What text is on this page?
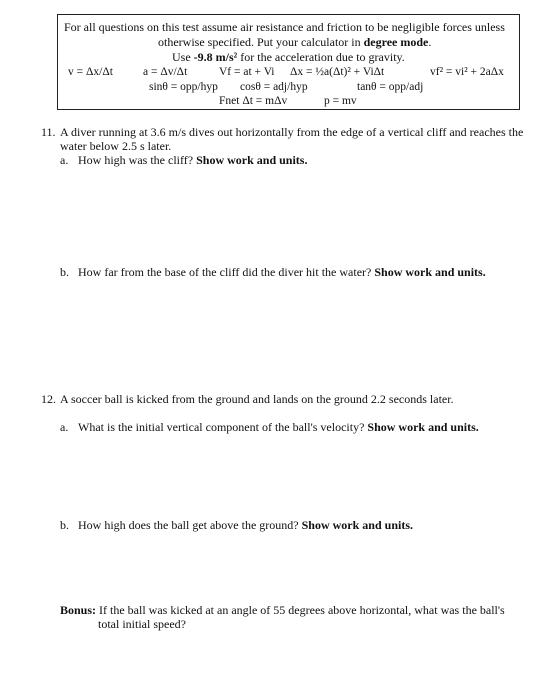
For all questions on this test assume air resistance and friction to be negligible forces unless
otherwise specified. Put your calculator in degree mode.
Use -9.8 m/s² for the acceleration due to gravity.
v = Δx/Δt	a = Δv/Δt	Vf = at + Vi Δx = ½a(Δt)² + ViΔt	vf² = vi² + 2aΔx
sinθ = opp/hyp cosθ = adj/hyp	tanθ = opp/adj
Fnet Δt = mΔv	p = mv
11. A diver running at 3.6 m/s dives out horizontally from the edge of a vertical cliff and reaches the
water below 2.5 s later.
a. How high was the cliff? Show work and units.
b. How far from the base of the cliff did the diver hit the water? Show work and units.
12. A soccer ball is kicked from the ground and lands on the ground 2.2 seconds later.
a. What is the initial vertical component of the ball's velocity? Show work and units.
b. How high does the ball get above the ground? Show work and units.
Bonus: If the ball was kicked at an angle of 55 degrees above horizontal, what was the ball's
total initial speed?
